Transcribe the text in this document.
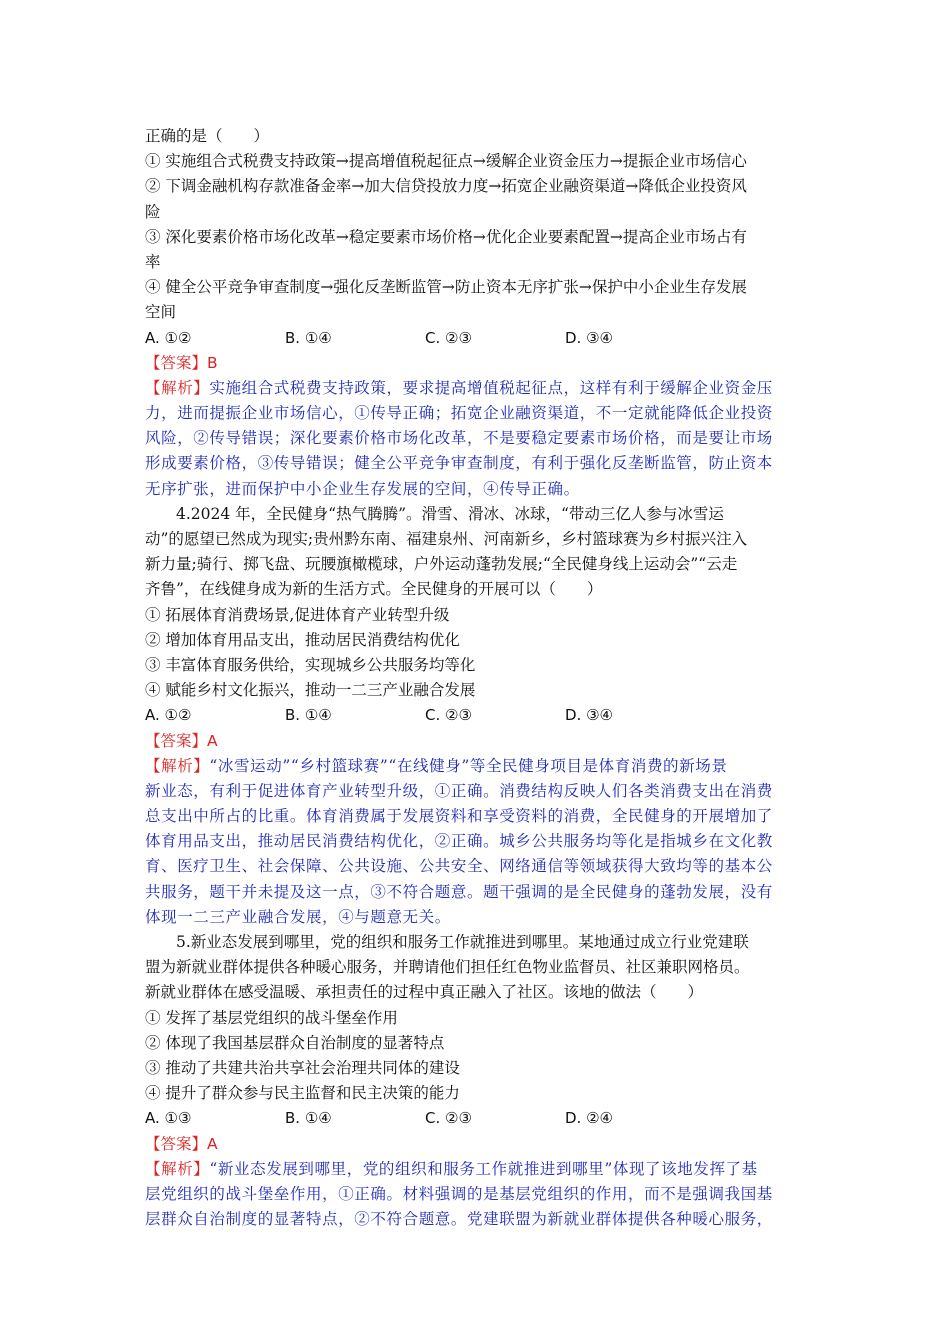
正确的是（　　）
① 实施组合式税费支持政策→提高增值税起征点→缓解企业资金压力→提振企业市场信心
② 下调金融机构存款准备金率→加大信贷投放力度→拓宽企业融资渠道→降低企业投资风
险
③ 深化要素价格市场化改革→稳定要素市场价格→优化企业要素配置→提高企业市场占有
率
④ 健全公平竞争审查制度→强化反垄断监管→防止资本无序扩张→保护中小企业生存发展
空间
A. ①②	B. ①④	C. ②③	D. ③④
【答案】B
【解析】实施组合式税费支持政策，要求提高增值税起征点，这样有利于缓解企业资金压
力，进而提振企业市场信心，①传导正确；拓宽企业融资渠道，不一定就能降低企业投资
风险，②传导错误；深化要素价格市场化改革，不是要稳定要素市场价格，而是要让市场
形成要素价格，③传导错误；健全公平竞争审查制度，有利于强化反垄断监管，防止资本
无序扩张，进而保护中小企业生存发展的空间，④传导正确。
4.2024 年，全民健身“热气腾腾”。滑雪、滑冰、冰球，“带动三亿人参与冰雪运
动”的愿望已然成为现实;贵州黔东南、福建泉州、河南新乡，乡村篮球赛为乡村振兴注入
新力量;骑行、掷飞盘、玩腰旗橄榄球，户外运动蓬勃发展;“全民健身线上运动会”“云走
齐鲁”，在线健身成为新的生活方式。全民健身的开展可以（　　）
① 拓展体育消费场景,促进体育产业转型升级
② 增加体育用品支出，推动居民消费结构优化
③ 丰富体育服务供给，实现城乡公共服务均等化
④ 赋能乡村文化振兴，推动一二三产业融合发展
A. ①②	B. ①④	C. ②③	D. ③④
【答案】A
【解析】“冰雪运动”“乡村篮球赛”“在线健身”等全民健身项目是体育消费的新场景
新业态，有利于促进体育产业转型升级，①正确。消费结构反映人们各类消费支出在消费
总支出中所占的比重。体育消费属于发展资料和享受资料的消费，全民健身的开展增加了
体育用品支出，推动居民消费结构优化，②正确。城乡公共服务均等化是指城乡在文化教
育、医疗卫生、社会保障、公共设施、公共安全、网络通信等领域获得大致均等的基本公
共服务，题干并未提及这一点，③不符合题意。题干强调的是全民健身的蓬勃发展，没有
体现一二三产业融合发展，④与题意无关。
5.新业态发展到哪里，党的组织和服务工作就推进到哪里。某地通过成立行业党建联
盟为新就业群体提供各种暖心服务，并聘请他们担任红色物业监督员、社区兼职网格员。
新就业群体在感受温暖、承担责任的过程中真正融入了社区。该地的做法（　　）
① 发挥了基层党组织的战斗堡垒作用
② 体现了我国基层群众自治制度的显著特点
③ 推动了共建共治共享社会治理共同体的建设
④ 提升了群众参与民主监督和民主决策的能力
A. ①③	B. ①④	C. ②③	D. ②④
【答案】A
【解析】“新业态发展到哪里，党的组织和服务工作就推进到哪里”体现了该地发挥了基
层党组织的战斗堡垒作用，①正确。材料强调的是基层党组织的作用，而不是强调我国基
层群众自治制度的显著特点，②不符合题意。党建联盟为新就业群体提供各种暖心服务，
